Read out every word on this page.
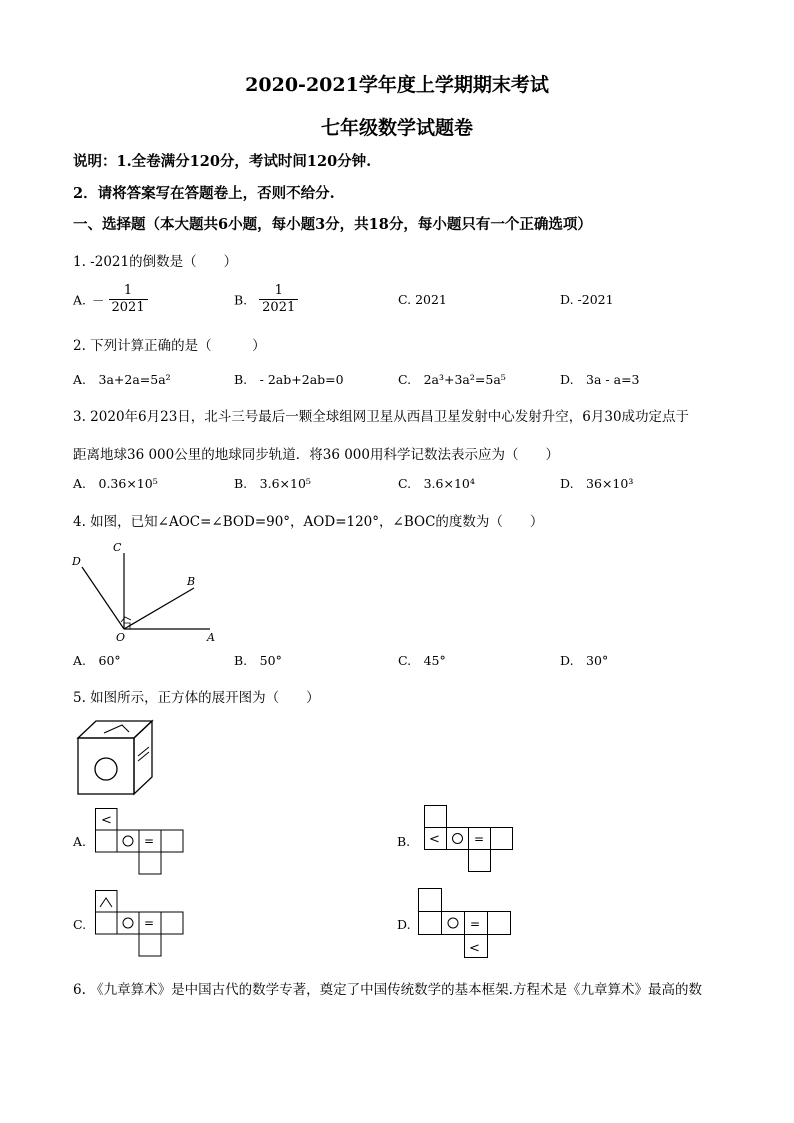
2020-2021学年度上学期期末考试
七年级数学试题卷
说明：1.全卷满分120分，考试时间120分钟.
2．请将答案写在答题卷上，否则不给分.
一、选择题（本大题共6小题，每小题3分，共18分，每小题只有一个正确选项）
1. -2021的倒数是（　　）
A. － $\frac{1}{2021}$	B. $\frac{1}{2021}$	C. 2021	D. -2021
2. 下列计算正确的是（　　　）
A.　3a+2a=5a²	B.　- 2ab+2ab=0	C.　2a³+3a²=5a⁵	D.　3a - a=3
3. 2020年6月23日，北斗三号最后一颗全球组网卫星从西昌卫星发射中心发射升空，6月30成功定点于
距离地球36 000公里的地球同步轨道．将36 000用科学记数法表示应为（　　）
A.　0.36×10⁵	B.　3.6×10⁵	C.　3.6×10⁴	D.　36×10³
4. 如图，已知∠AOC=∠BOD=90°，AOD=120°，∠BOC的度数为（　　）
C
D
B
O	A
A.　60°	B.　50°	C.　45°	D.　30°
5. 如图所示，正方体的展开图为（　　）
A.
<
=	B. <	=
C.	=	D.	=
<
6. 《九章算术》是中国古代的数学专著，奠定了中国传统数学的基本框架.方程术是《九章算术》最高的数
